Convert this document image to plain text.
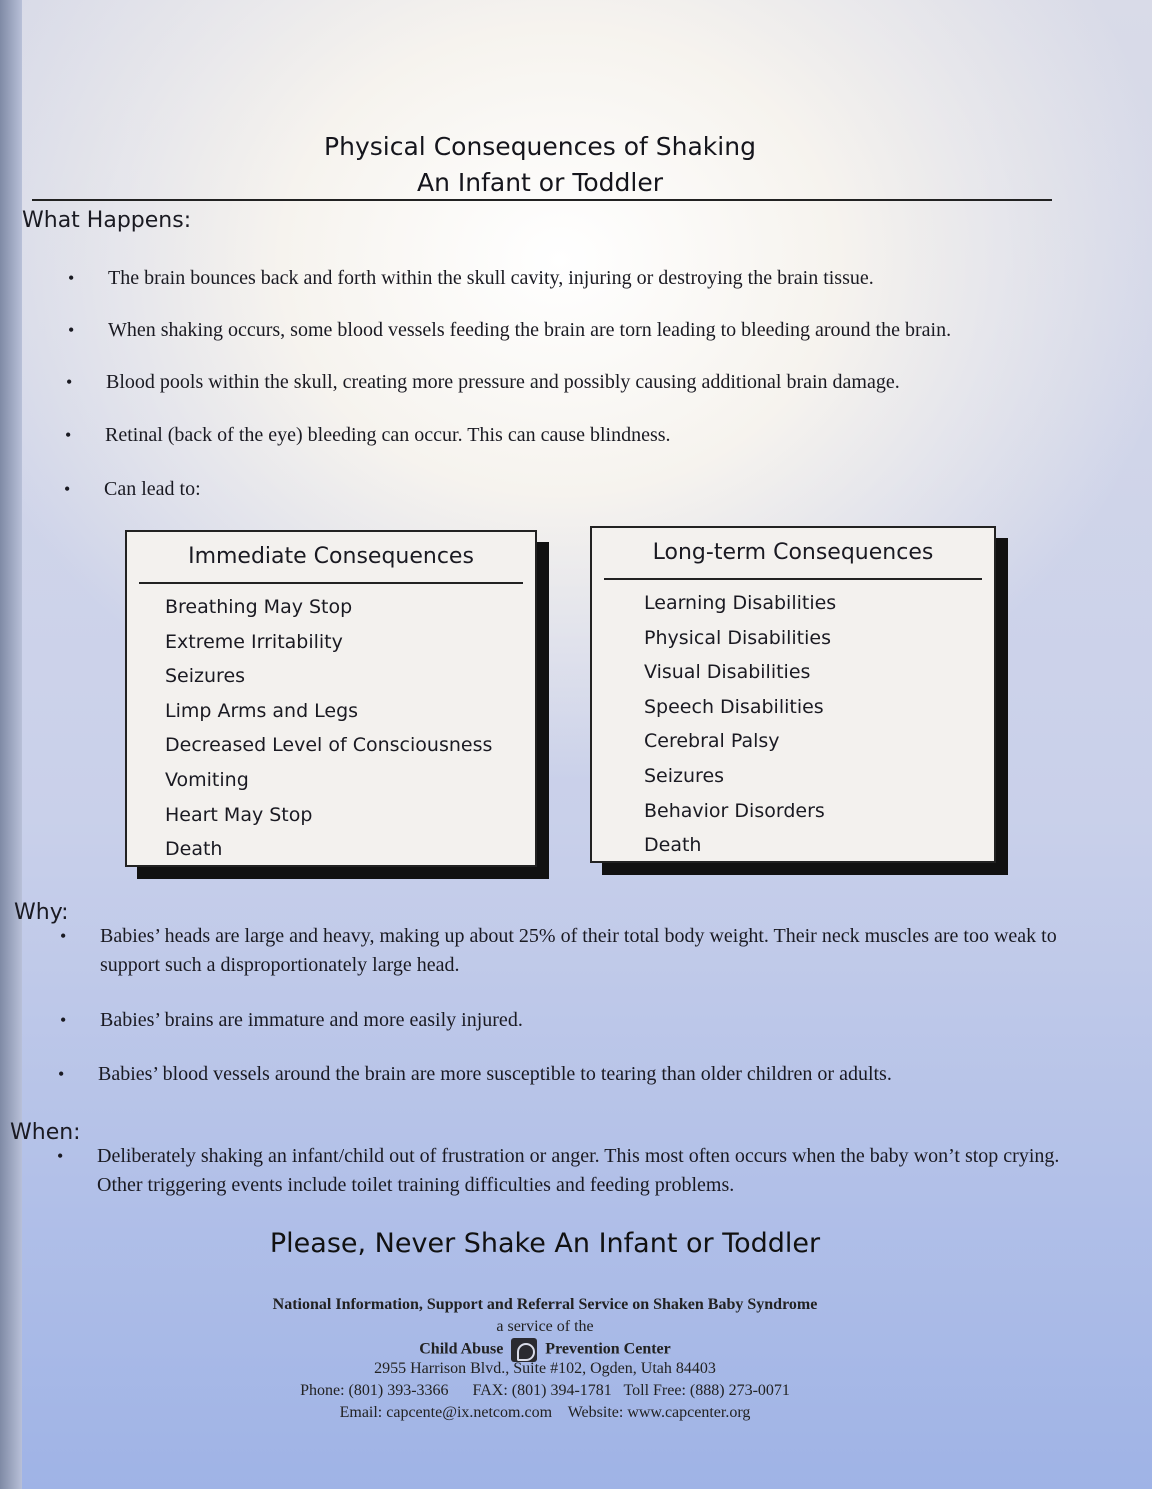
Physical Consequences of Shaking
An Infant or Toddler
What Happens:
• The brain bounces back and forth within the skull cavity, injuring or destroying the brain tissue.
• When shaking occurs, some blood vessels feeding the brain are torn leading to bleeding around the brain.
• Blood pools within the skull, creating more pressure and possibly causing additional brain damage.
• Retinal (back of the eye) bleeding can occur. This can cause blindness.
• Can lead to:
Immediate Consequences
Breathing May Stop
Extreme Irritability
Seizures
Limp Arms and Legs
Decreased Level of Consciousness
Vomiting
Heart May Stop
Death
Long-term Consequences
Learning Disabilities
Physical Disabilities
Visual Disabilities
Speech Disabilities
Cerebral Palsy
Seizures
Behavior Disorders
Death
Why:
• Babies’ heads are large and heavy, making up about 25% of their total body weight. Their neck muscles are too weak to support such a disproportionately large head.
• Babies’ brains are immature and more easily injured.
• Babies’ blood vessels around the brain are more susceptible to tearing than older children or adults.
When:
• Deliberately shaking an infant/child out of frustration or anger. This most often occurs when the baby won’t stop crying. Other triggering events include toilet training difficulties and feeding problems.
Please, Never Shake An Infant or Toddler
National Information, Support and Referral Service on Shaken Baby Syndrome
a service of the
Child Abuse	Prevention Center
2955 Harrison Blvd., Suite #102, Ogden, Utah 84403
Phone: (801) 393-3366      FAX: (801) 394-1781   Toll Free: (888) 273-0071
Email: capcente@ix.netcom.com    Website: www.capcenter.org
